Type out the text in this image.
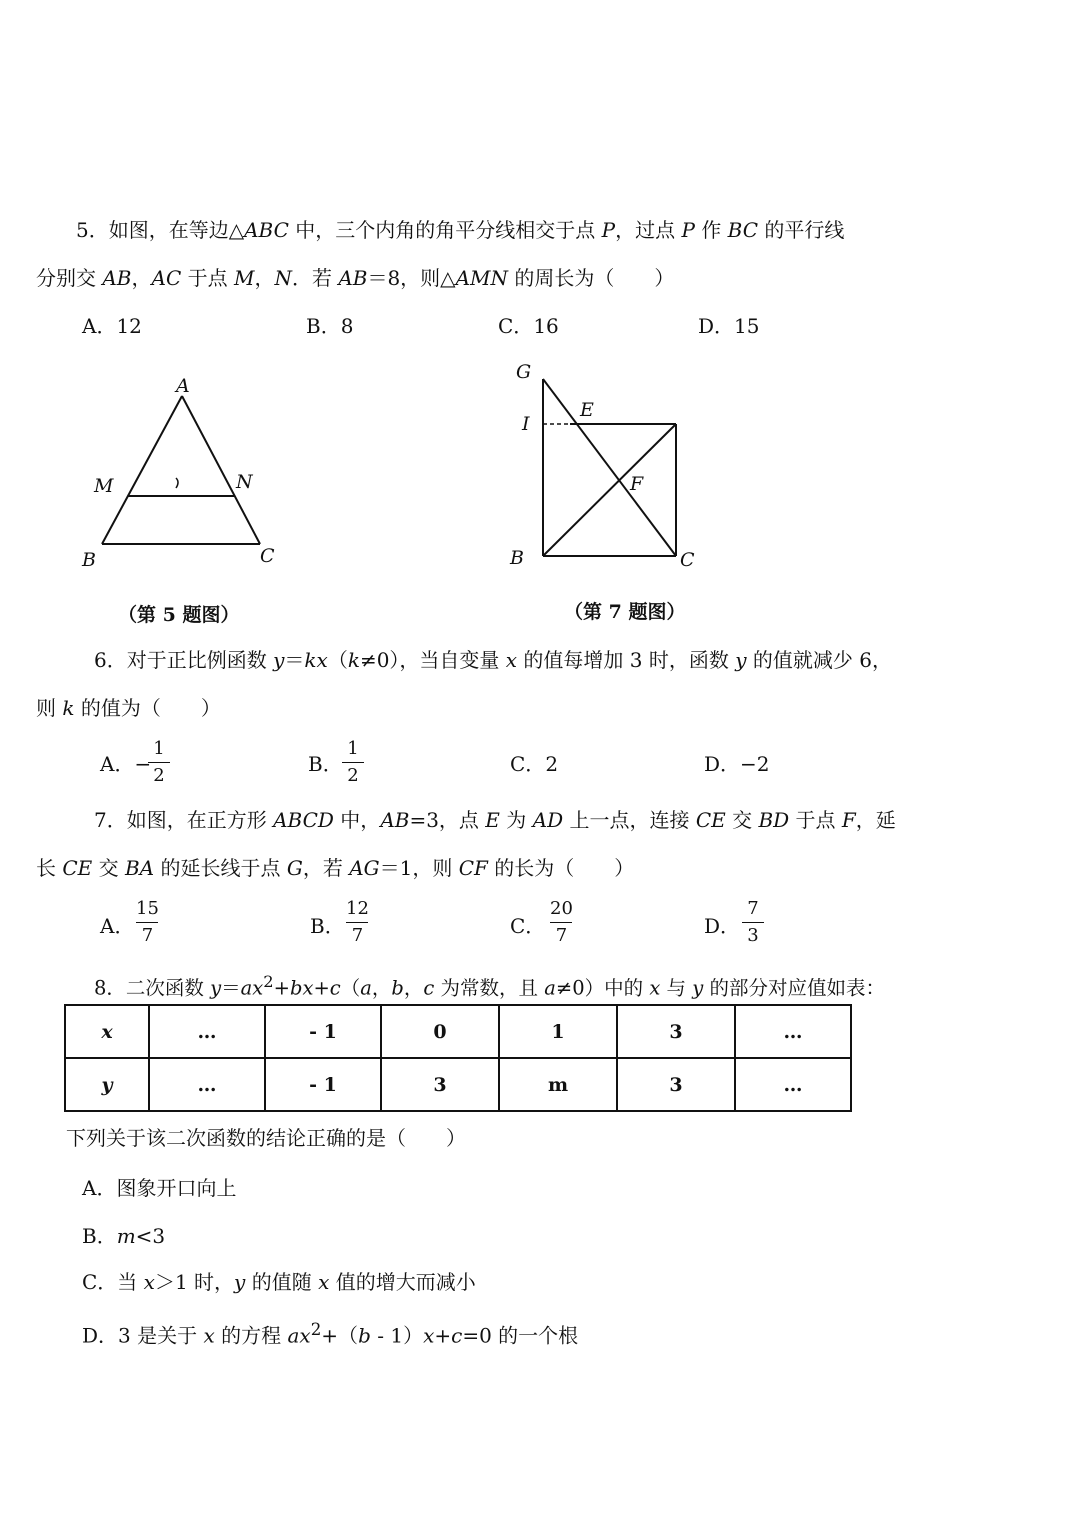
5．如图，在等边△ABC 中，三个内角的角平分线相交于点 P，过点 P 作 BC 的平行线
分别交 AB，AC 于点 M，N．若 AB＝8，则△AMN 的周长为（　　）
A．12	B．8	C．16	D．15
A
M	N
B	C
（第 5 题图）
G
E
I
F
B	C
（第 7 题图）
6．对于正比例函数 y＝kx（k≠0），当自变量 x 的值每增加 3 时，函数 y 的值就减少 6，
则 k 的值为（　　）
A．−
1
2	B．
1
2	C．2	D．−2
7．如图，在正方形 ABCD 中，AB=3，点 E 为 AD 上一点，连接 CE 交 BD 于点 F，延
长 CE 交 BA 的延长线于点 G，若 AG＝1，则 CF 的长为（　　）
A．
15
7	B．
12
7	C．
20
7	D．
7
3
8．二次函数 $y=ax^2+bx+c(a$，b，c 为常数，且 a≠0）中的 x 与 y 的部分对应值如表：
x	…	- 1	0	1	3	…
y	…	- 1	3	m	3	…
下列关于该二次函数的结论正确的是（　　）
A．图象开口向上
B．m<3
C．当 x＞1 时，y 的值随 x 值的增大而减小
D．3 是关于 x 的方程 $ax^2+(b - 1)x+c=0$ 的一个根
